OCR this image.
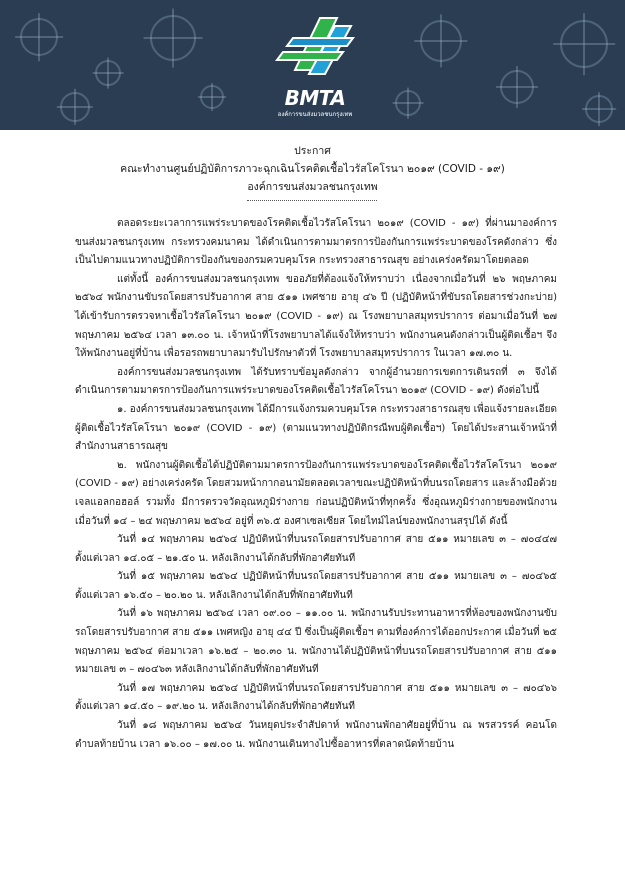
BMTA
องค์การขนส่งมวลชนกรุงเทพ
ประกาศ
คณะทำงานศูนย์ปฏิบัติการภาวะฉุกเฉินโรคติดเชื้อไวรัสโคโรนา ๒๐๑๙ (COVID - ๑๙)
องค์การขนส่งมวลชนกรุงเทพ

ตลอดระยะเวลาการแพร่ระบาดของโรคติดเชื้อไวรัสโคโรนา ๒๐๑๙ (COVID - ๑๙) ที่ผ่านมาองค์การขนส่งมวลชนกรุงเทพ กระทรวงคมนาคม ได้ดำเนินการตามมาตรการป้องกันการแพร่ระบาดของโรคดังกล่าว ซึ่งเป็นไปตามแนวทางปฏิบัติการป้องกันของกรมควบคุมโรค กระทรวงสาธารณสุข อย่างเคร่งครัดมาโดยตลอด

แต่ทั้งนี้ องค์การขนส่งมวลชนกรุงเทพ ขออภัยที่ต้องแจ้งให้ทราบว่า เนื่องจากเมื่อวันที่ ๒๖ พฤษภาคม ๒๕๖๔ พนักงานขับรถโดยสารปรับอากาศ สาย ๕๑๑ เพศชาย อายุ ๔๖ ปี (ปฏิบัติหน้าที่ขับรถโดยสารช่วงกะบ่าย) ได้เข้ารับการตรวจหาเชื้อไวรัสโคโรนา ๒๐๑๙ (COVID - ๑๙) ณ โรงพยาบาลสมุทรปราการ ต่อมาเมื่อวันที่ ๒๗ พฤษภาคม ๒๕๖๔ เวลา ๑๓.๐๐ น. เจ้าหน้าที่โรงพยาบาลได้แจ้งให้ทราบว่า พนักงานคนดังกล่าวเป็นผู้ติดเชื้อฯ จึงให้พนักงานอยู่ที่บ้าน เพื่อรอรถพยาบาลมารับไปรักษาตัวที่ โรงพยาบาลสมุทรปราการ ในเวลา ๑๗.๓๐ น.

องค์การขนส่งมวลชนกรุงเทพ ได้รับทราบข้อมูลดังกล่าว จากผู้อำนวยการเขตการเดินรถที่ ๓ จึงได้ดำเนินการตามมาตรการป้องกันการแพร่ระบาดของโรคติดเชื้อไวรัสโคโรนา ๒๐๑๙ (COVID - ๑๙) ดังต่อไปนี้

๑. องค์การขนส่งมวลชนกรุงเทพ ได้มีการแจ้งกรมควบคุมโรค กระทรวงสาธารณสุข เพื่อแจ้งรายละเอียดผู้ติดเชื้อไวรัสโคโรนา ๒๐๑๙ (COVID - ๑๙) (ตามแนวทางปฏิบัติกรณีพบผู้ติดเชื้อฯ) โดยได้ประสานเจ้าหน้าที่สำนักงานสาธารณสุข

๒. พนักงานผู้ติดเชื้อได้ปฏิบัติตามมาตรการป้องกันการแพร่ระบาดของโรคติดเชื้อไวรัสโคโรนา ๒๐๑๙ (COVID - ๑๙) อย่างเคร่งครัด โดยสวมหน้ากากอนามัยตลอดเวลาขณะปฏิบัติหน้าที่บนรถโดยสาร และล้างมือด้วยเจลแอลกอฮอล์ รวมทั้ง มีการตรวจวัดอุณหภูมิร่างกาย ก่อนปฏิบัติหน้าที่ทุกครั้ง ซึ่งอุณหภูมิร่างกายของพนักงาน เมื่อวันที่ ๑๔ – ๒๔ พฤษภาคม ๒๕๖๔ อยู่ที่ ๓๖.๕ องศาเซลเซียส โดยไทม์ไลน์ของพนักงานสรุปได้ ดังนี้

วันที่ ๑๔ พฤษภาคม ๒๕๖๔ ปฏิบัติหน้าที่บนรถโดยสารปรับอากาศ สาย ๕๑๑ หมายเลข ๓ – ๗๐๔๔๗ ตั้งแต่เวลา ๑๔.๐๕ – ๒๑.๕๐ น. หลังเลิกงานได้กลับที่พักอาศัยทันที

วันที่ ๑๕ พฤษภาคม ๒๕๖๔ ปฏิบัติหน้าที่บนรถโดยสารปรับอากาศ สาย ๕๑๑ หมายเลข ๓ – ๗๐๔๖๕ ตั้งแต่เวลา ๑๖.๕๐ – ๒๐.๒๐ น. หลังเลิกงานได้กลับที่พักอาศัยทันที

วันที่ ๑๖ พฤษภาคม ๒๕๖๔ เวลา ๐๙.๐๐ – ๑๑.๐๐ น. พนักงานรับประทานอาหารที่ห้องของพนักงานขับรถโดยสารปรับอากาศ สาย ๕๑๑ เพศหญิง อายุ ๔๔ ปี ซึ่งเป็นผู้ติดเชื้อฯ ตามที่องค์การได้ออกประกาศ เมื่อวันที่ ๒๕ พฤษภาคม ๒๕๖๔ ต่อมาเวลา ๑๖.๒๕ – ๒๐.๓๐ น. พนักงานได้ปฏิบัติหน้าที่บนรถโดยสารปรับอากาศ สาย ๕๑๑ หมายเลข ๓ – ๗๐๔๖๓ หลังเลิกงานได้กลับที่พักอาศัยทันที

วันที่ ๑๗ พฤษภาคม ๒๕๖๔ ปฏิบัติหน้าที่บนรถโดยสารปรับอากาศ สาย ๕๑๑ หมายเลข ๓ – ๗๐๔๖๖ ตั้งแต่เวลา ๑๔.๕๐ – ๑๙.๒๐ น. หลังเลิกงานได้กลับที่พักอาศัยทันที

วันที่ ๑๘ พฤษภาคม ๒๕๖๔ วันหยุดประจำสัปดาห์ พนักงานพักอาศัยอยู่ที่บ้าน ณ พรสวรรค์ คอนโด ตำบลท้ายบ้าน เวลา ๑๖.๐๐ – ๑๗.๐๐ น. พนักงานเดินทางไปซื้ออาหารที่ตลาดนัดท้ายบ้าน
